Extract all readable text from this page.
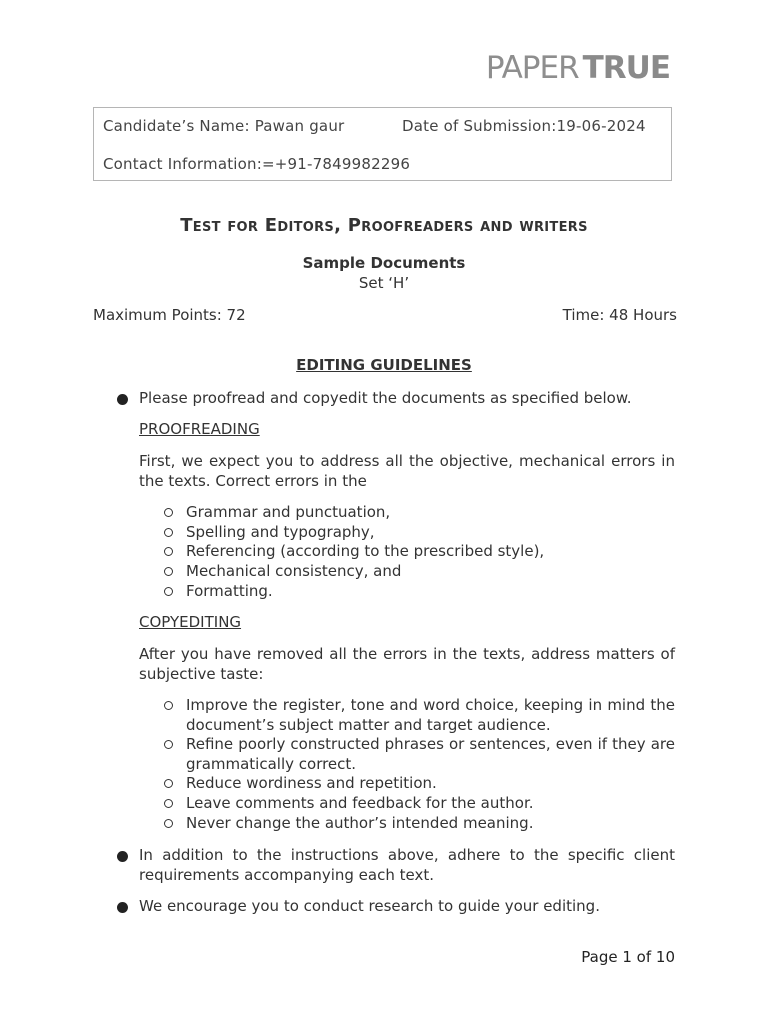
PAPER TRUE
Candidate’s Name: Pawan gaur	Date of Submission:19-06-2024
Contact Information:=+91-7849982296
Test for Editors, Proofreaders and writers
Sample Documents
Set ‘H’
Maximum Points: 72	Time: 48 Hours
EDITING GUIDELINES
Please proofread and copyedit the documents as specified below.
PROOFREADING
First, we expect you to address all the objective, mechanical errors in the texts. Correct errors in the
Grammar and punctuation,
Spelling and typography,
Referencing (according to the prescribed style),
Mechanical consistency, and
Formatting.
COPYEDITING
After you have removed all the errors in the texts, address matters of subjective taste:
Improve the register, tone and word choice, keeping in mind the document’s subject matter and target audience.
Refine poorly constructed phrases or sentences, even if they are grammatically correct.
Reduce wordiness and repetition.
Leave comments and feedback for the author.
Never change the author’s intended meaning.
In addition to the instructions above, adhere to the specific client requirements accompanying each text.
We encourage you to conduct research to guide your editing.
Page 1 of 10
